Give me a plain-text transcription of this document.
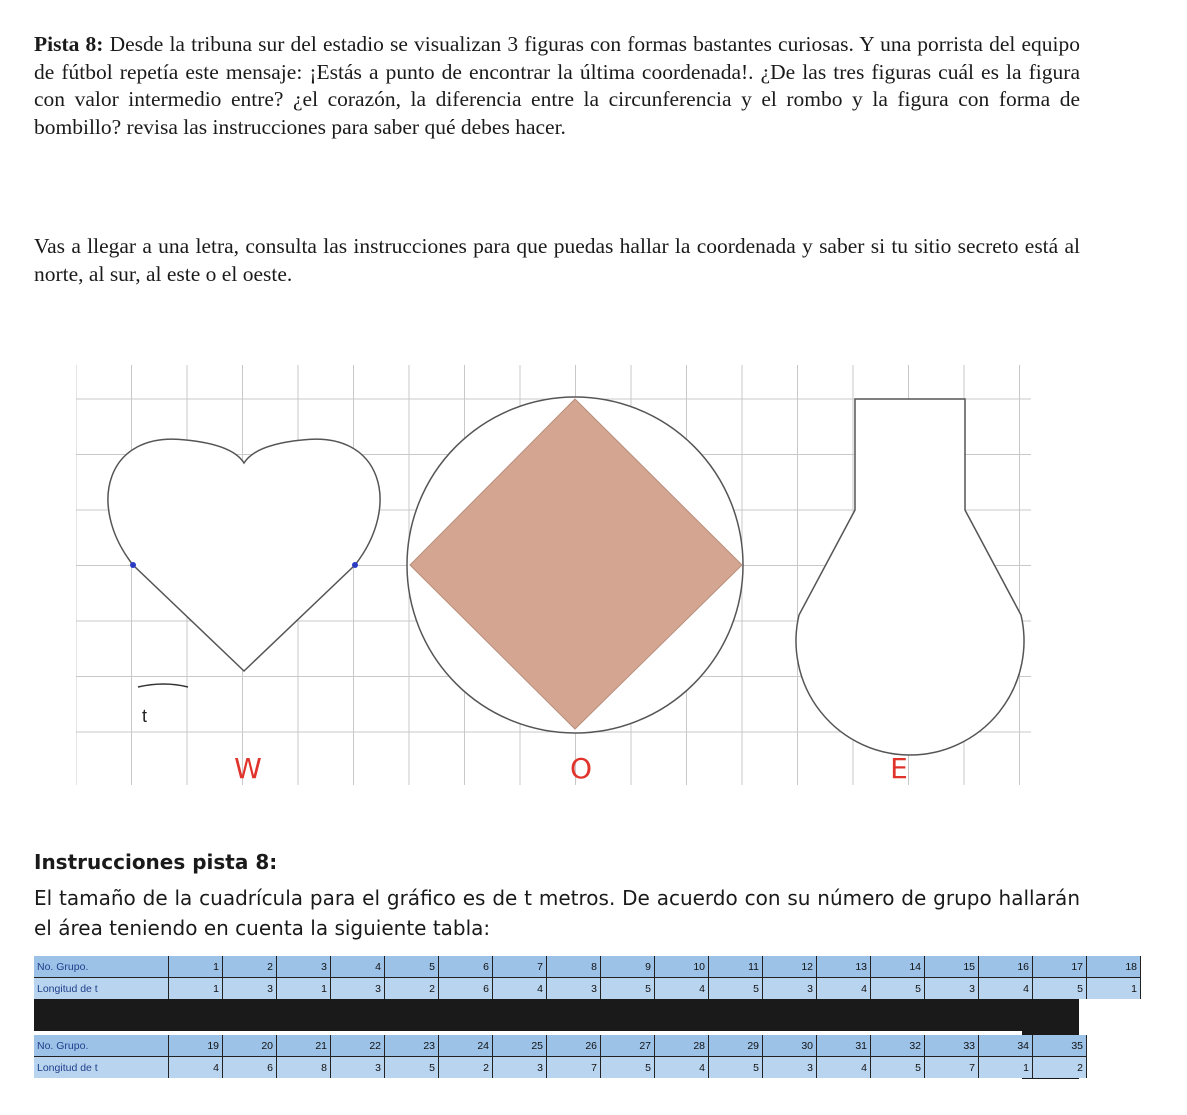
Pista 8: Desde la tribuna sur del estadio se visualizan 3 figuras con formas bastantes curiosas. Y una porrista del equipo de fútbol repetía este mensaje: ¡Estás a punto de encontrar la última coordenada!. ¿De las tres figuras cuál es la figura con valor intermedio entre? ¿el corazón, la diferencia entre la circunferencia y el rombo y la figura con forma de bombillo? revisa las instrucciones para saber qué debes hacer.

Vas a llegar a una letra, consulta las instrucciones para que puedas hallar la coordenada y saber si tu sitio secreto está al norte, al sur, al este o el oeste.

t
W	O	E

Instrucciones pista 8:

El tamaño de la cuadrícula para el gráfico es de t metros. De acuerdo con su número de grupo hallarán el área teniendo en cuenta la siguiente tabla:

No. Grupo.	1	2	3	4	5	6	7	8	9	10	11	12	13	14	15	16	17	18
Longitud de t	1	3	1	3	2	6	4	3	5	4	5	3	4	5	3	4	5	1
No. Grupo.	19	20	21	22	23	24	25	26	27	28	29	30	31	32	33	34	35
Longitud de t	4	6	8	3	5	2	3	7	5	4	5	3	4	5	7	1	2
